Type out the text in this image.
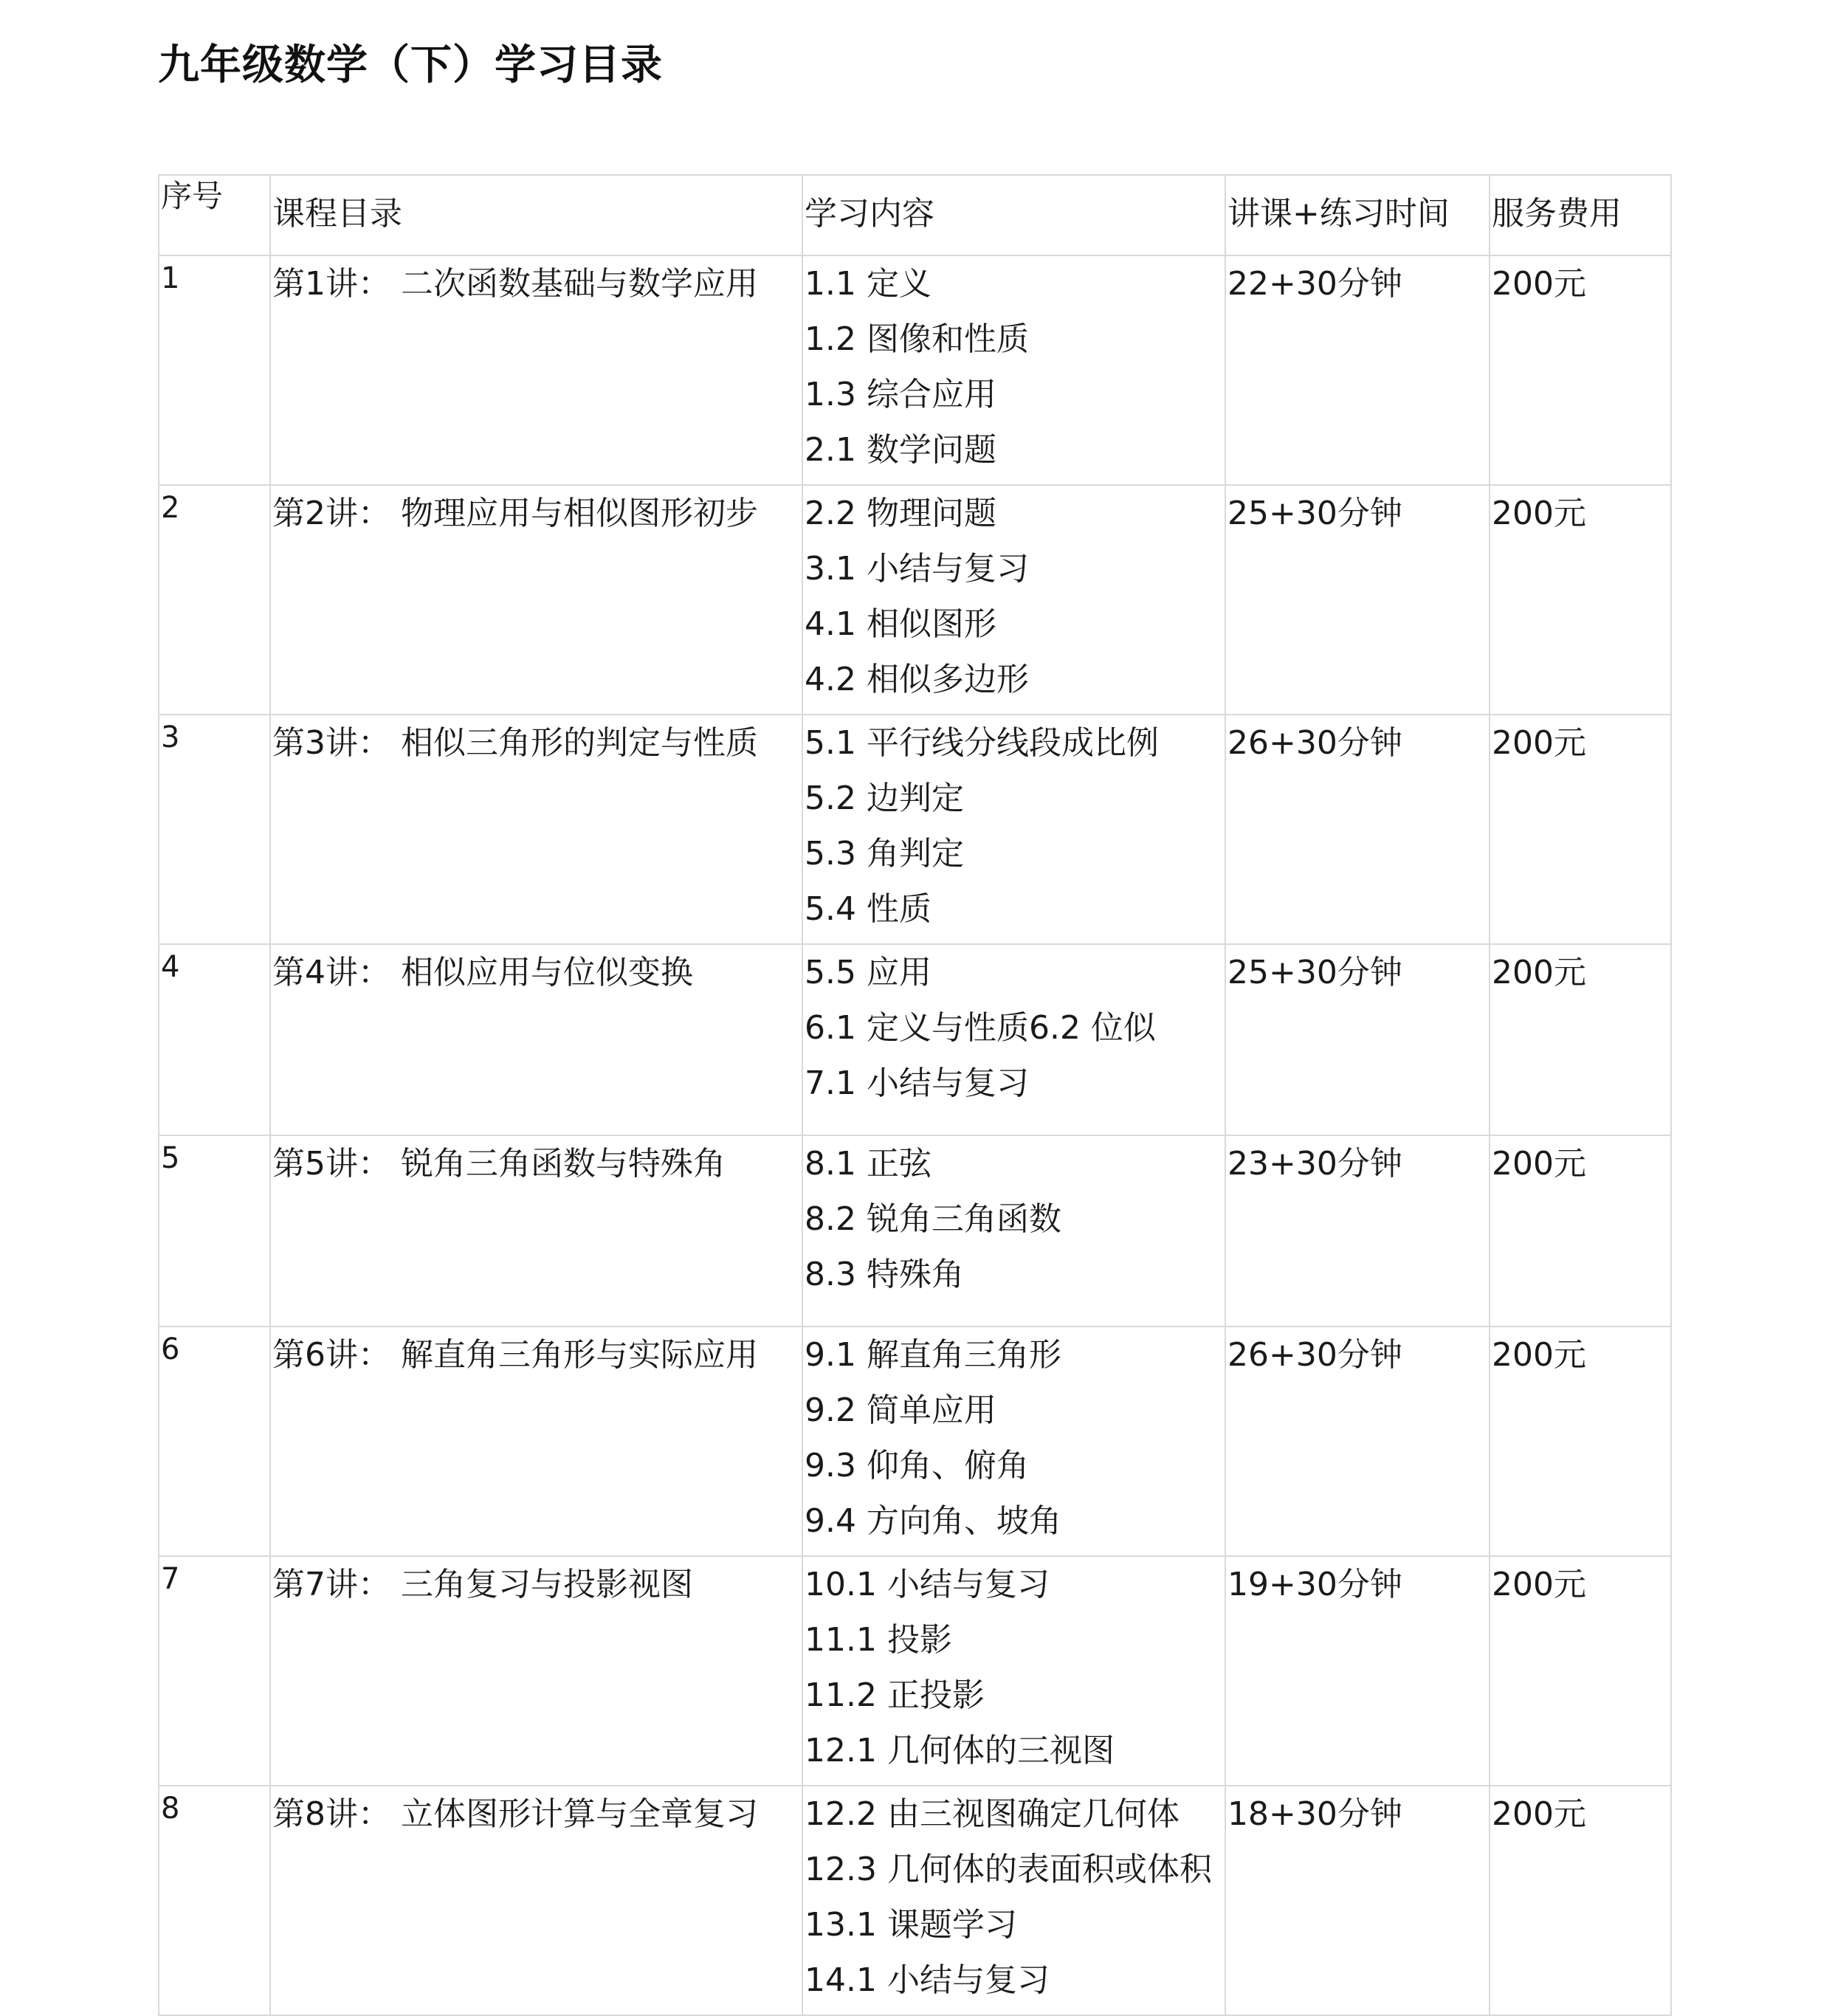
九年级数学（下）学习目录
序号	课程目录	学习内容	讲课+练习时间	服务费用
1	第1讲： 二次函数基础与数学应用	1.1 定义
1.2 图像和性质
1.3 综合应用
2.1 数学问题	22+30分钟	200元
2	第2讲： 物理应用与相似图形初步	2.2 物理问题
3.1 小结与复习
4.1 相似图形
4.2 相似多边形	25+30分钟	200元
3	第3讲： 相似三角形的判定与性质	5.1 平行线分线段成比例
5.2 边判定
5.3 角判定
5.4 性质	26+30分钟	200元
4	第4讲： 相似应用与位似变换	5.5 应用
6.1 定义与性质6.2 位似
7.1 小结与复习	25+30分钟	200元
5	第5讲： 锐角三角函数与特殊角	8.1 正弦
8.2 锐角三角函数
8.3 特殊角	23+30分钟	200元
6	第6讲： 解直角三角形与实际应用	9.1 解直角三角形
9.2 简单应用
9.3 仰角、俯角
9.4 方向角、坡角	26+30分钟	200元
7	第7讲： 三角复习与投影视图	10.1 小结与复习
11.1 投影
11.2 正投影
12.1 几何体的三视图	19+30分钟	200元
8	第8讲： 立体图形计算与全章复习	12.2 由三视图确定几何体
12.3 几何体的表面积或体积
13.1 课题学习
14.1 小结与复习	18+30分钟	200元
